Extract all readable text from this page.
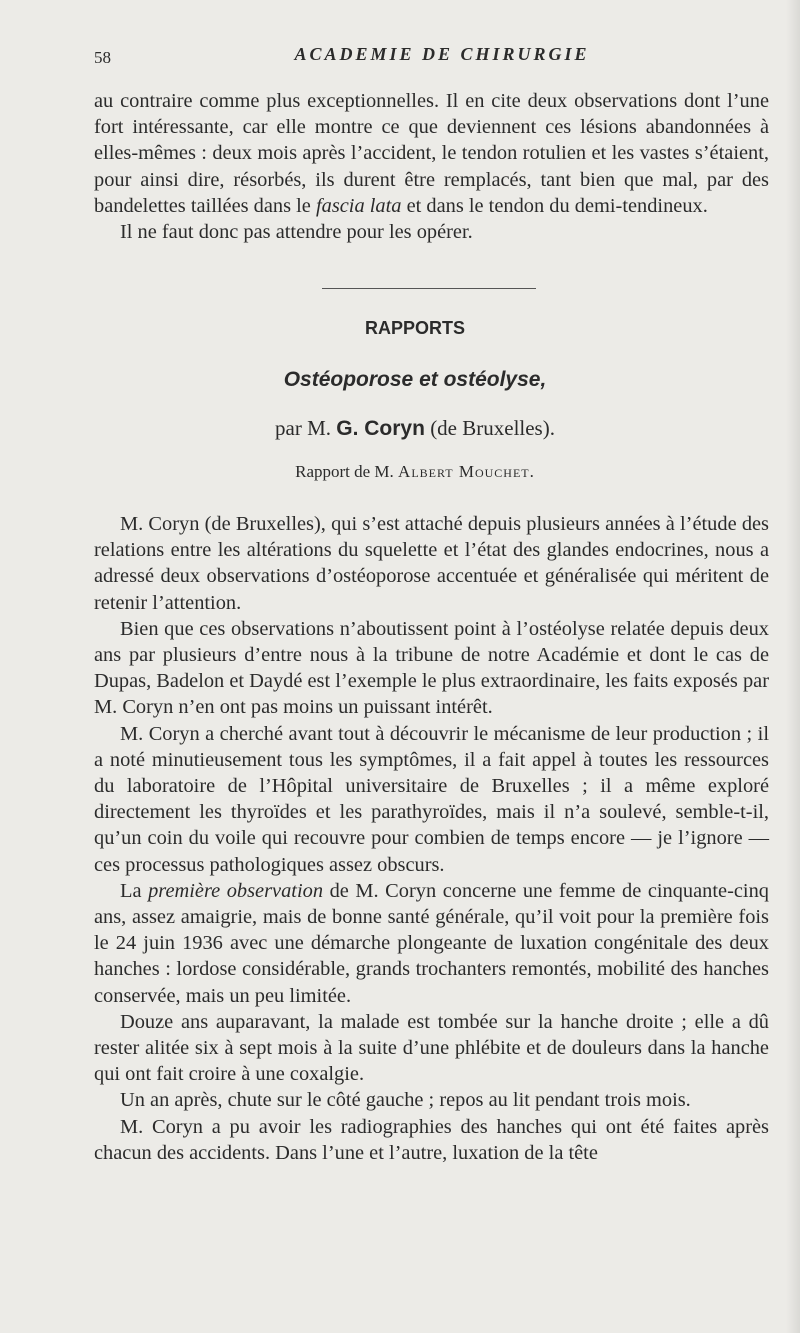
58	ACADEMIE DE CHIRURGIE

au contraire comme plus exceptionnelles. Il en cite deux observations dont l’une fort intéressante, car elle montre ce que deviennent ces lésions abandonnées à elles-mêmes : deux mois après l’accident, le tendon rotulien et les vastes s’étaient, pour ainsi dire, résorbés, ils durent être remplacés, tant bien que mal, par des bandelettes taillées dans le fascia lata et dans le tendon du demi-tendineux.

Il ne faut donc pas attendre pour les opérer.

RAPPORTS
Ostéoporose et ostéolyse,
par M. G. Coryn (de Bruxelles).
Rapport de M. Albert Mouchet.

M. Coryn (de Bruxelles), qui s’est attaché depuis plusieurs années à l’étude des relations entre les altérations du squelette et l’état des glandes endocrines, nous a adressé deux observations d’ostéoporose accentuée et généralisée qui méritent de retenir l’attention.

Bien que ces observations n’aboutissent point à l’ostéolyse relatée depuis deux ans par plusieurs d’entre nous à la tribune de notre Académie et dont le cas de Dupas, Badelon et Daydé est l’exemple le plus extraordinaire, les faits exposés par M. Coryn n’en ont pas moins un puissant intérêt.

M. Coryn a cherché avant tout à découvrir le mécanisme de leur production ; il a noté minutieusement tous les symptômes, il a fait appel à toutes les ressources du laboratoire de l’Hôpital universitaire de Bruxelles ; il a même exploré directement les thyroïdes et les parathyroïdes, mais il n’a soulevé, semble-t-il, qu’un coin du voile qui recouvre pour combien de temps encore — je l’ignore — ces processus pathologiques assez obscurs.

La première observation de M. Coryn concerne une femme de cinquante-cinq ans, assez amaigrie, mais de bonne santé générale, qu’il voit pour la première fois le 24 juin 1936 avec une démarche plongeante de luxation congénitale des deux hanches : lordose considérable, grands trochanters remontés, mobilité des hanches conservée, mais un peu limitée.

Douze ans auparavant, la malade est tombée sur la hanche droite ; elle a dû rester alitée six à sept mois à la suite d’une phlébite et de douleurs dans la hanche qui ont fait croire à une coxalgie.

Un an après, chute sur le côté gauche ; repos au lit pendant trois mois.

M. Coryn a pu avoir les radiographies des hanches qui ont été faites après chacun des accidents. Dans l’une et l’autre, luxation de la tête
